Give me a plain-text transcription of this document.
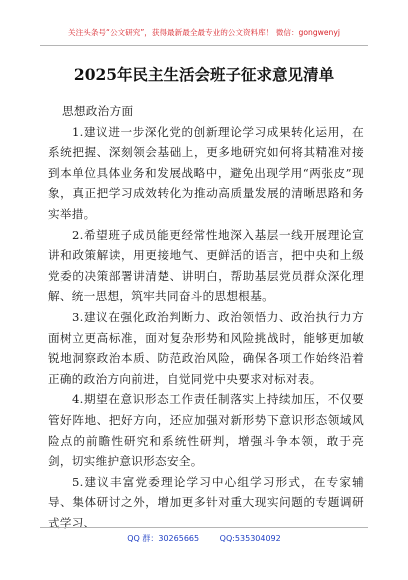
关注头条号“公文研究”，获得最新最全最专业的公文资料库！ 微信：gongwenyj
2025年民主生活会班子征求意见清单

思想政治方面

1.建议进一步深化党的创新理论学习成果转化运用，在系统把握、深刻领会基础上，更多地研究如何将其精准对接到本单位具体业务和发展战略中，避免出现学用“两张皮”现象，真正把学习成效转化为推动高质量发展的清晰思路和务实举措。

2.希望班子成员能更经常性地深入基层一线开展理论宣讲和政策解读，用更接地气、更鲜活的语言，把中央和上级党委的决策部署讲清楚、讲明白，帮助基层党员群众深化理解、统一思想，筑牢共同奋斗的思想根基。

3.建议在强化政治判断力、政治领悟力、政治执行力方面树立更高标准，面对复杂形势和风险挑战时，能够更加敏锐地洞察政治本质、防范政治风险，确保各项工作始终沿着正确的政治方向前进，自觉同党中央要求对标对表。

4.期望在意识形态工作责任制落实上持续加压，不仅要管好阵地、把好方向，还应加强对新形势下意识形态领域风险点的前瞻性研究和系统性研判，增强斗争本领，敢于亮剑，切实维护意识形态安全。

5.建议丰富党委理论学习中心组学习形式，在专家辅导、集体研讨之外，增加更多针对重大现实问题的专题调研式学习、

QQ 群：30265665	QQ:535304092
